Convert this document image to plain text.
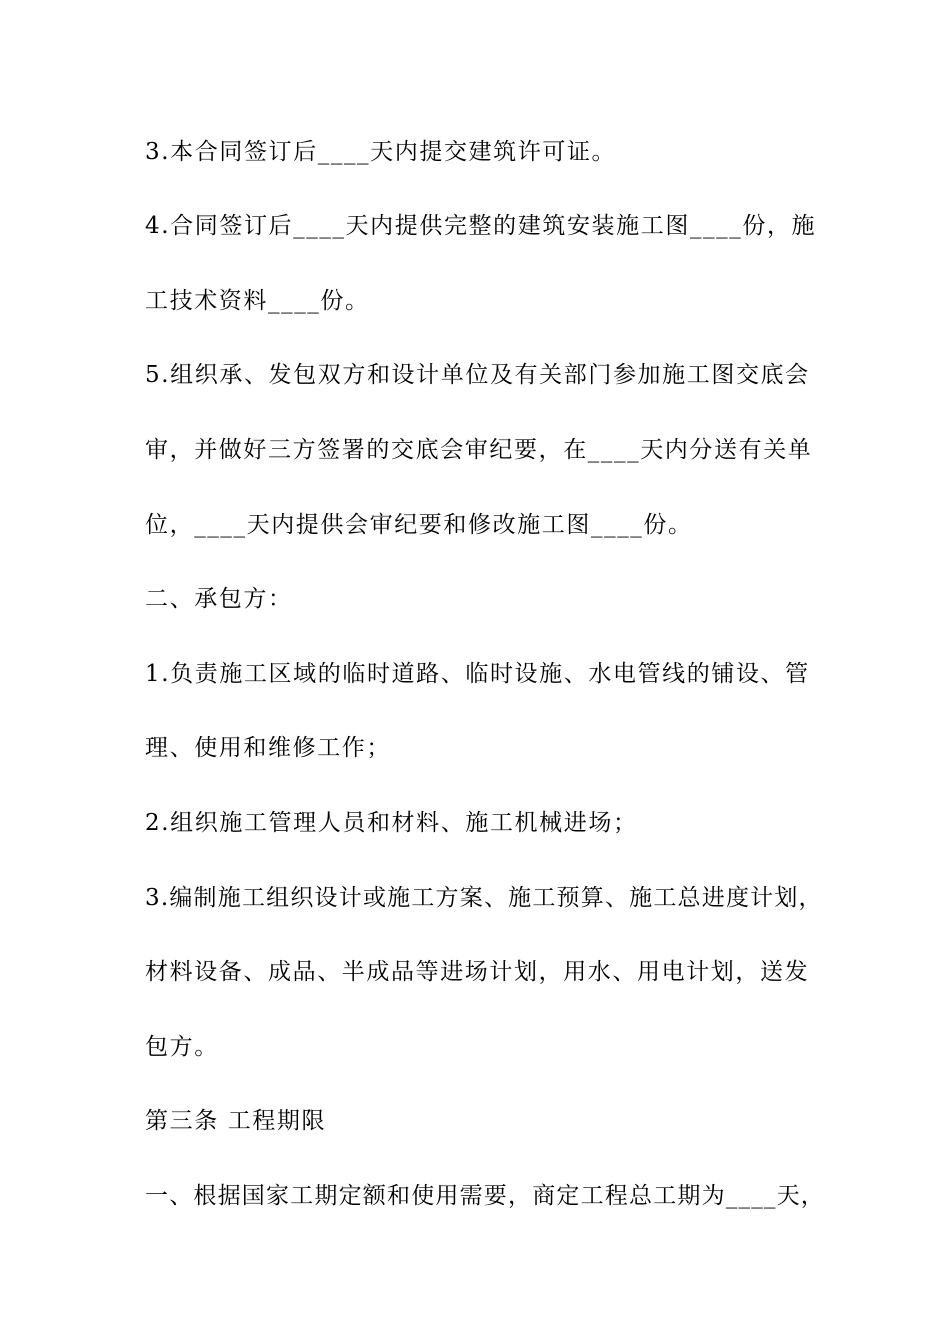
3.本合同签订后____天内提交建筑许可证。
4.合同签订后____天内提供完整的建筑安装施工图____份，施
工技术资料____份。
5.组织承、发包双方和设计单位及有关部门参加施工图交底会
审，并做好三方签署的交底会审纪要，在____天内分送有关单
位，____天内提供会审纪要和修改施工图____份。
二、承包方：
1.负责施工区域的临时道路、临时设施、水电管线的铺设、管
理、使用和维修工作；
2.组织施工管理人员和材料、施工机械进场；
3.编制施工组织设计或施工方案、施工预算、施工总进度计划，
材料设备、成品、半成品等进场计划，用水、用电计划，送发
包方。
第三条 工程期限
一、根据国家工期定额和使用需要，商定工程总工期为____天，
